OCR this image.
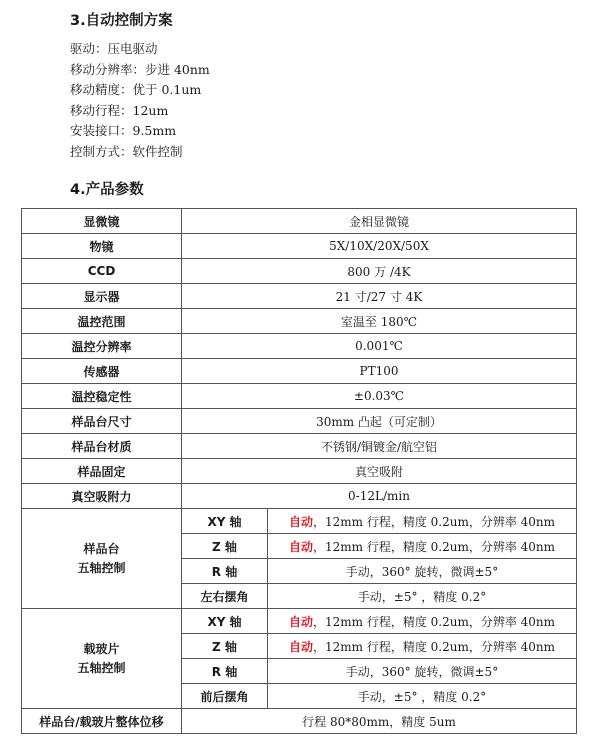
3.自动控制方案
驱动：压电驱动
移动分辨率：步进 40nm
移动精度：优于 0.1um
移动行程：12um
安装接口：9.5mm
控制方式：软件控制
4.产品参数
显微镜	金相显微镜	
物镜	5X/10X/20X/50X	
CCD	800 万 /4K	
显示器	21 寸/27 寸 4K	
温控范围	室温至 180℃	
温控分辨率	0.001℃	
传感器	PT100	
温控稳定性	±0.03℃	
样品台尺寸	30mm 凸起（可定制）	
样品台材质	不锈钢/铜镀金/航空铝	
样品固定	真空吸附	
真空吸附力	0-12L/min	

样品台
五轴控制	XY 轴	自动，12mm 行程，精度 0.2um，分辨率 40nm
	Z 轴	自动，12mm 行程，精度 0.2um，分辨率 40nm
	R 轴	手动，360° 旋转，微调±5°
	左右摆角	手动，±5° ，精度 0.2°

载玻片
五轴控制	XY 轴	自动，12mm 行程，精度 0.2um，分辨率 40nm
	Z 轴	自动，12mm 行程，精度 0.2um，分辨率 40nm
	R 轴	手动，360° 旋转，微调±5°
	前后摆角	手动，±5° ，精度 0.2°
样品台/载玻片整体位移	行程 80*80mm，精度 5um	
